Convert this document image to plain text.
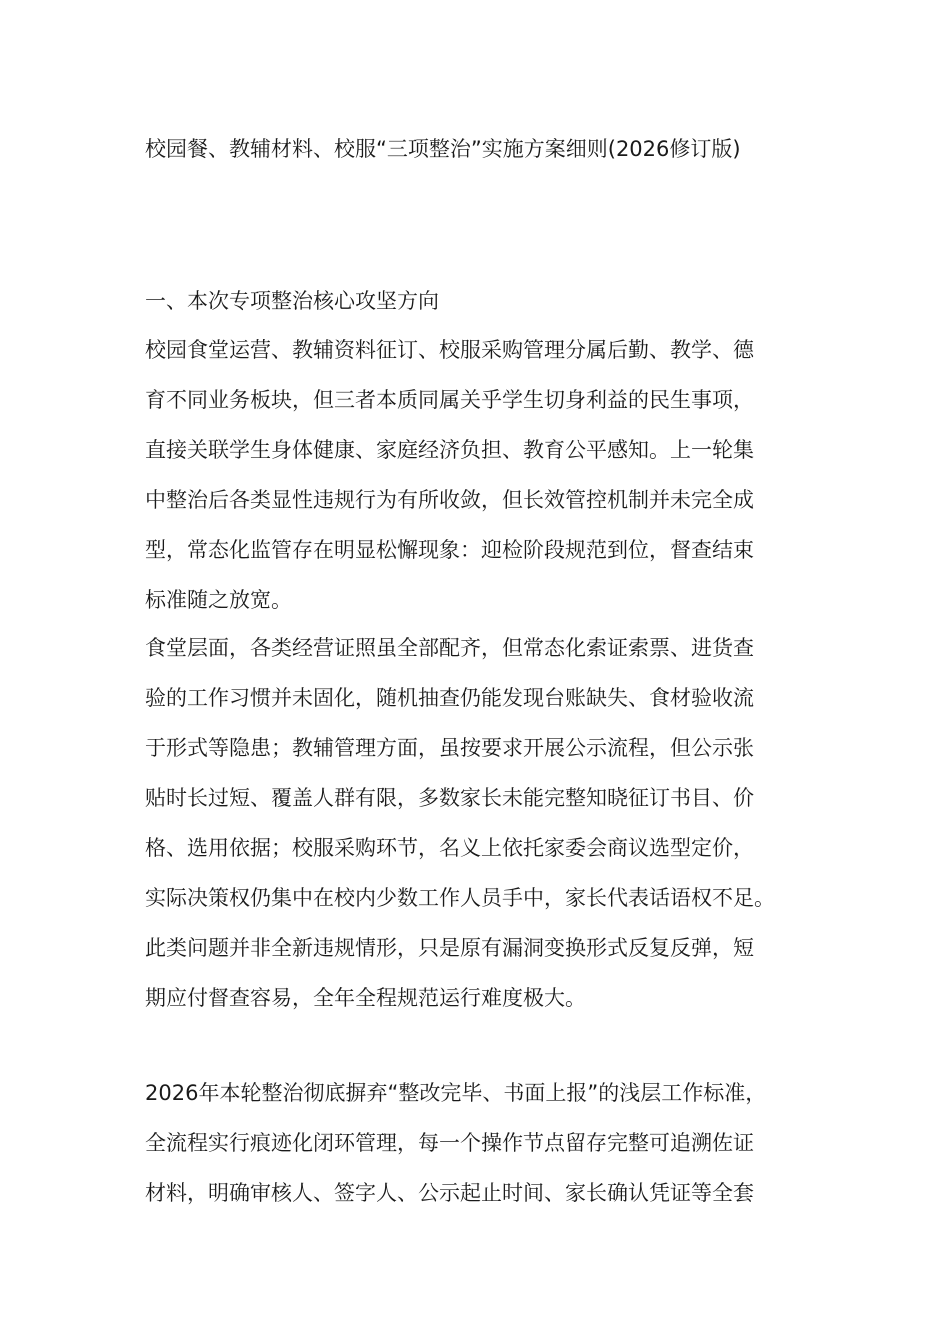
校园餐、教辅材料、校服“三项整治”实施方案细则(2026修订版)
一、本次专项整治核心攻坚方向
校园食堂运营、教辅资料征订、校服采购管理分属后勤、教学、德
育不同业务板块，但三者本质同属关乎学生切身利益的民生事项，
直接关联学生身体健康、家庭经济负担、教育公平感知。上一轮集
中整治后各类显性违规行为有所收敛，但长效管控机制并未完全成
型，常态化监管存在明显松懈现象：迎检阶段规范到位，督查结束
标准随之放宽。
食堂层面，各类经营证照虽全部配齐，但常态化索证索票、进货查
验的工作习惯并未固化，随机抽查仍能发现台账缺失、食材验收流
于形式等隐患；教辅管理方面，虽按要求开展公示流程，但公示张
贴时长过短、覆盖人群有限，多数家长未能完整知晓征订书目、价
格、选用依据；校服采购环节，名义上依托家委会商议选型定价，
实际决策权仍集中在校内少数工作人员手中，家长代表话语权不足。
此类问题并非全新违规情形，只是原有漏洞变换形式反复反弹，短
期应付督查容易，全年全程规范运行难度极大。
2026年本轮整治彻底摒弃“整改完毕、书面上报”的浅层工作标准，
全流程实行痕迹化闭环管理，每一个操作节点留存完整可追溯佐证
材料，明确审核人、签字人、公示起止时间、家长确认凭证等全套
